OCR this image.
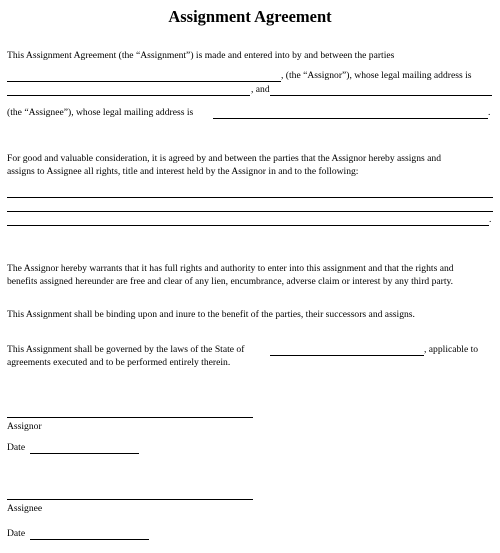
Assignment Agreement
This Assignment Agreement (the “Assignment”) is made and entered into by and between the parties
, (the “Assignor”), whose legal mailing address is
, and
(the “Assignee”), whose legal mailing address is	.
For good and valuable consideration, it is agreed by and between the parties that the Assignor hereby assigns and
assigns to Assignee all rights, title and interest held by the Assignor in and to the following:
.
The Assignor hereby warrants that it has full rights and authority to enter into this assignment and that the rights and
benefits assigned hereunder are free and clear of any lien, encumbrance, adverse claim or interest by any third party.
This Assignment shall be binding upon and inure to the benefit of the parties, their successors and assigns.
This Assignment shall be governed by the laws of the State of	, applicable to
agreements executed and to be performed entirely therein.
Assignor
Date
Assignee
Date
